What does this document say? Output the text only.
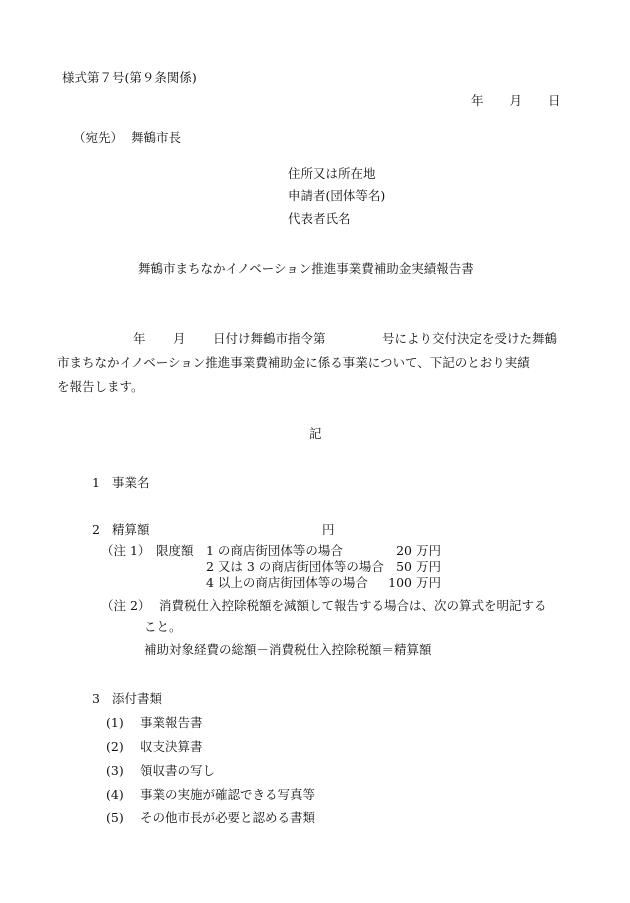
様式第７号(第９条関係)
年 月 日
（宛先） 舞鶴市長
住所又は所在地
申請者(団体等名)
代表者氏名
舞鶴市まちなかイノベーション推進事業費補助金実績報告書
年 月 日付け舞鶴市指令第	号により交付決定を受けた舞鶴
市まちなかイノベーション推進事業費補助金に係る事業について、下記のとおり実績
を報告します。
記
1 事業名
2 精算額	円
（注 1） 限度額 1 の商店街団体等の場合	20 万円
2 又は 3 の商店街団体等の場合 50 万円
4 以上の商店街団体等の場合	100 万円
（注 2） 消費税仕入控除税額を減額して報告する場合は、次の算式を明記する
こと。
補助対象経費の総額－消費税仕入控除税額＝精算額
3 添付書類
(1) 事業報告書
(2) 収支決算書
(3) 領収書の写し
(4) 事業の実施が確認できる写真等
(5) その他市長が必要と認める書類
